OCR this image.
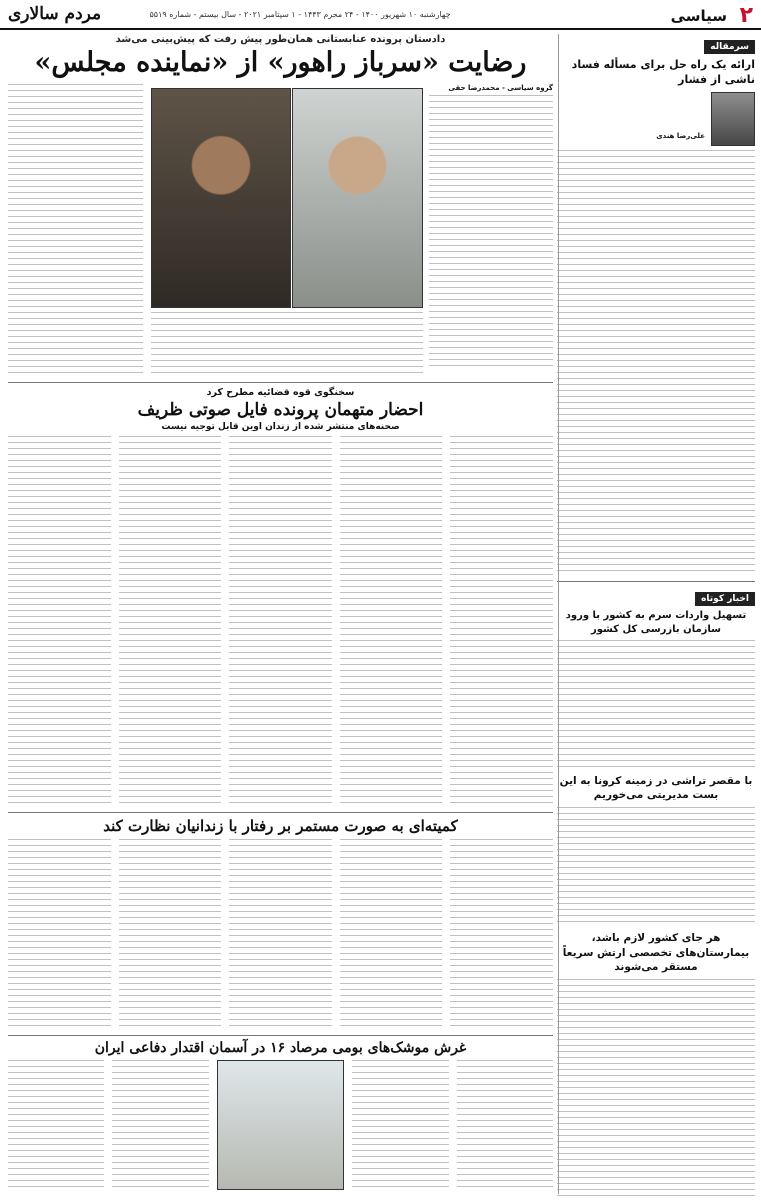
۲
سیاسی
چهارشنبه ۱۰ شهریور ۱۴۰۰ - ۲۴ محرم ۱۴۴۳ - ۱ سپتامبر ۲۰۲۱ - سال بیستم - شماره ۵۵۱۹
مردم سالاری
سرمقاله
ارائه یک راه حل برای مسأله فساد ناشی از فشار
علی‌رضا هندی
اخبار کوتاه
تسهیل واردات سرم به کشور با ورود سازمان بازرسی کل کشور
با مقصر تراشی در زمینه کرونا به این بست مدیریتی می‌خوریم
هر جای کشور لازم باشد، بیمارستان‌های تخصصی ارتش سریعاً مستقر می‌شوند
دادستان پرونده عنابستانی همان‌طور پیش رفت که پیش‌بینی می‌شد
رضایت «سرباز راهور» از «نماینده مجلس»
گروه سیاسی - محمدرضا حقی
سخنگوی قوه قضائیه مطرح کرد
احضار متهمان پرونده فایل صوتی ظریف
صحنه‌های منتشر شده از زندان اوین قابل توجیه نیست
کمیته‌ای به صورت مستمر بر رفتار با زندانیان نظارت کند
غرش موشک‌های بومی مرصاد ۱۶ در آسمان اقتدار دفاعی ایران
